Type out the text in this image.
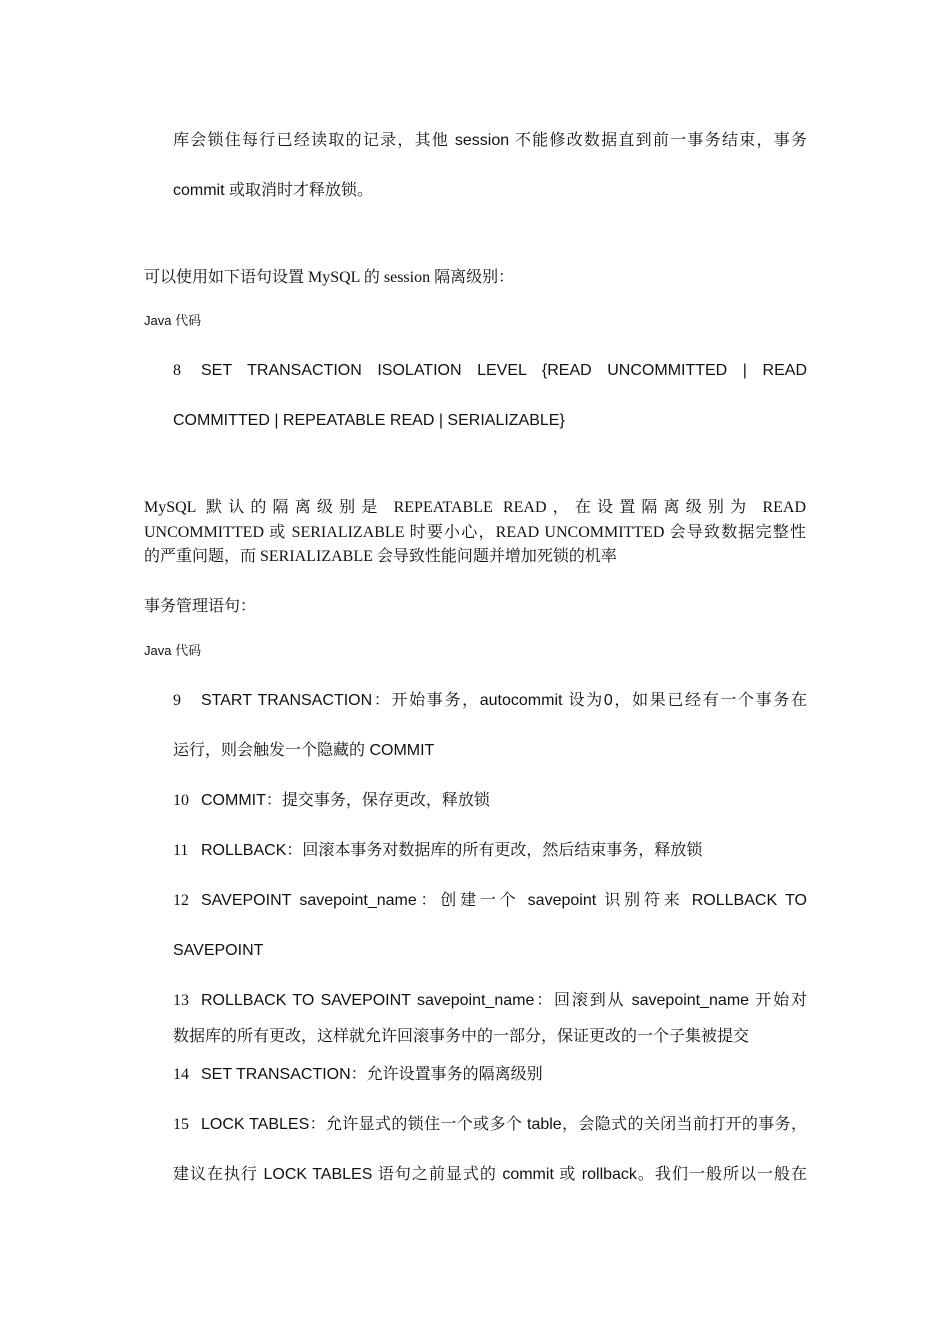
库会锁住每行已经读取的记录，其他 session 不能修改数据直到前一事务结束，事务
commit 或取消时才释放锁。
可以使用如下语句设置 MySQL 的 session 隔离级别：
Java 代码
8 SET TRANSACTION ISOLATION LEVEL {READ UNCOMMITTED | READ
COMMITTED | REPEATABLE READ | SERIALIZABLE}
MySQL 默认的隔离级别是 REPEATABLE READ，在设置隔离级别为 READ
UNCOMMITTED 或 SERIALIZABLE 时要小心，READ UNCOMMITTED 会导致数据完整性
的严重问题，而 SERIALIZABLE 会导致性能问题并增加死锁的机率
事务管理语句：
Java 代码
9 START TRANSACTION：开始事务，autocommit 设为0，如果已经有一个事务在
运行，则会触发一个隐藏的 COMMIT
10 COMMIT：提交事务，保存更改，释放锁
11 ROLLBACK：回滚本事务对数据库的所有更改，然后结束事务，释放锁
12 SAVEPOINT savepoint_name：创建一个 savepoint 识别符来 ROLLBACK TO
SAVEPOINT
13 ROLLBACK TO SAVEPOINT savepoint_name：回滚到从 savepoint_name 开始对
数据库的所有更改，这样就允许回滚事务中的一部分，保证更改的一个子集被提交
14 SET TRANSACTION：允许设置事务的隔离级别
15 LOCK TABLES：允许显式的锁住一个或多个 table，会隐式的关闭当前打开的事务，
建议在执行 LOCK TABLES 语句之前显式的 commit 或 rollback。我们一般所以一般在
